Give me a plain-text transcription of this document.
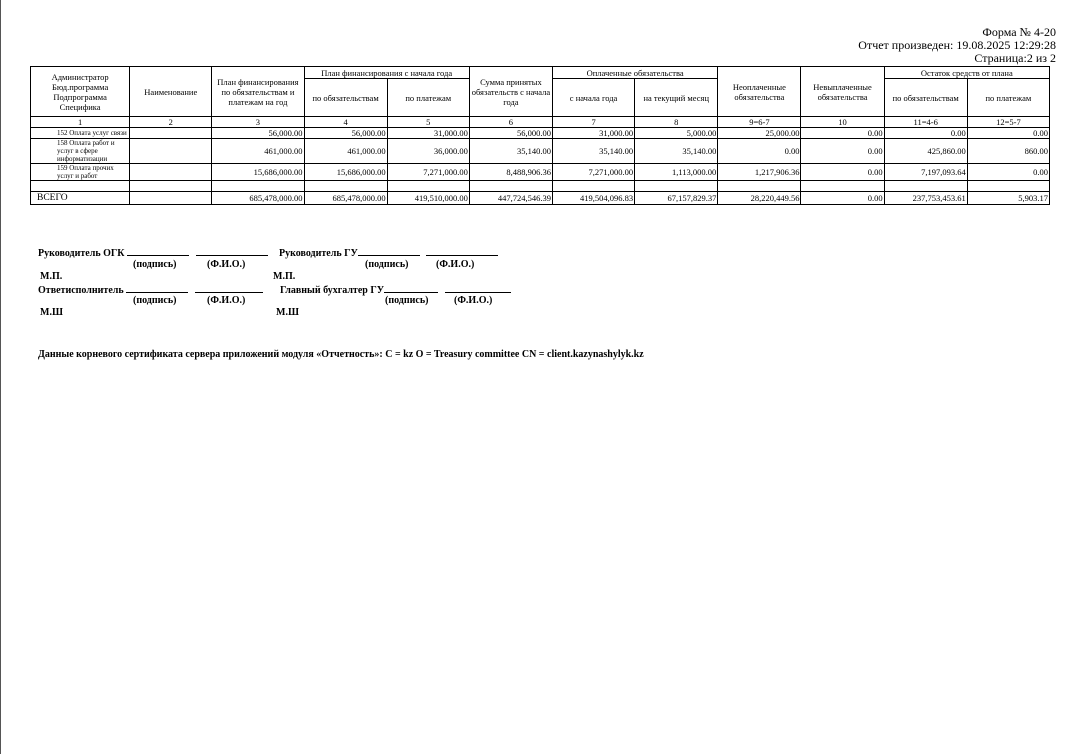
Форма № 4-20
Отчет произведен: 19.08.2025 12:29:28
Страница:2 из 2
Администратор
Бюд.программа
Подпрограмма
Специфика	Наименование	План финансирования по обязательствам и платежам на год	План финансирования с начала года		Сумма принятых обязательств с начала года	Оплаченные обязательства		Неоплаченные обязательства	Невыплаченные обязательства	Остаток средств от плана	
			по обязательствам	по платежам		с начала года	на текущий месяц			по обязательствам	по платежам
1	2	3	4	5	6	7	8	9=6-7	10	11=4-6	12=5-7
152 Оплата услуг связи		56,000.00	56,000.00	31,000.00	56,000.00	31,000.00	5,000.00	25,000.00	0.00	0.00	0.00
158 Оплата работ и услуг в сфере информатизации		461,000.00	461,000.00	36,000.00	35,140.00	35,140.00	35,140.00	0.00	0.00	425,860.00	860.00
159 Оплата прочих услуг и работ		15,686,000.00	15,686,000.00	7,271,000.00	8,488,906.36	7,271,000.00	1,113,000.00	1,217,906.36	0.00	7,197,093.64	0.00

ВСЕГО		685,478,000.00	685,478,000.00	419,510,000.00	447,724,546.39	419,504,096.83	67,157,829.37	28,220,449.56	0.00	237,753,453.61	5,903.17
Руководитель ОГК	Руководитель ГУ
(подпись)	(Ф.И.О.)	(подпись)	(Ф.И.О.)
М.П.	М.П.
Ответисполнитель	Главный бухгалтер ГУ
(подпись)	(Ф.И.О.)	(подпись)	(Ф.И.О.)
М.Ш	М.Ш
Данные корневого сертификата сервера приложений модуля «Отчетность»: C = kz O = Treasury committee CN = client.kazynashylyk.kz
